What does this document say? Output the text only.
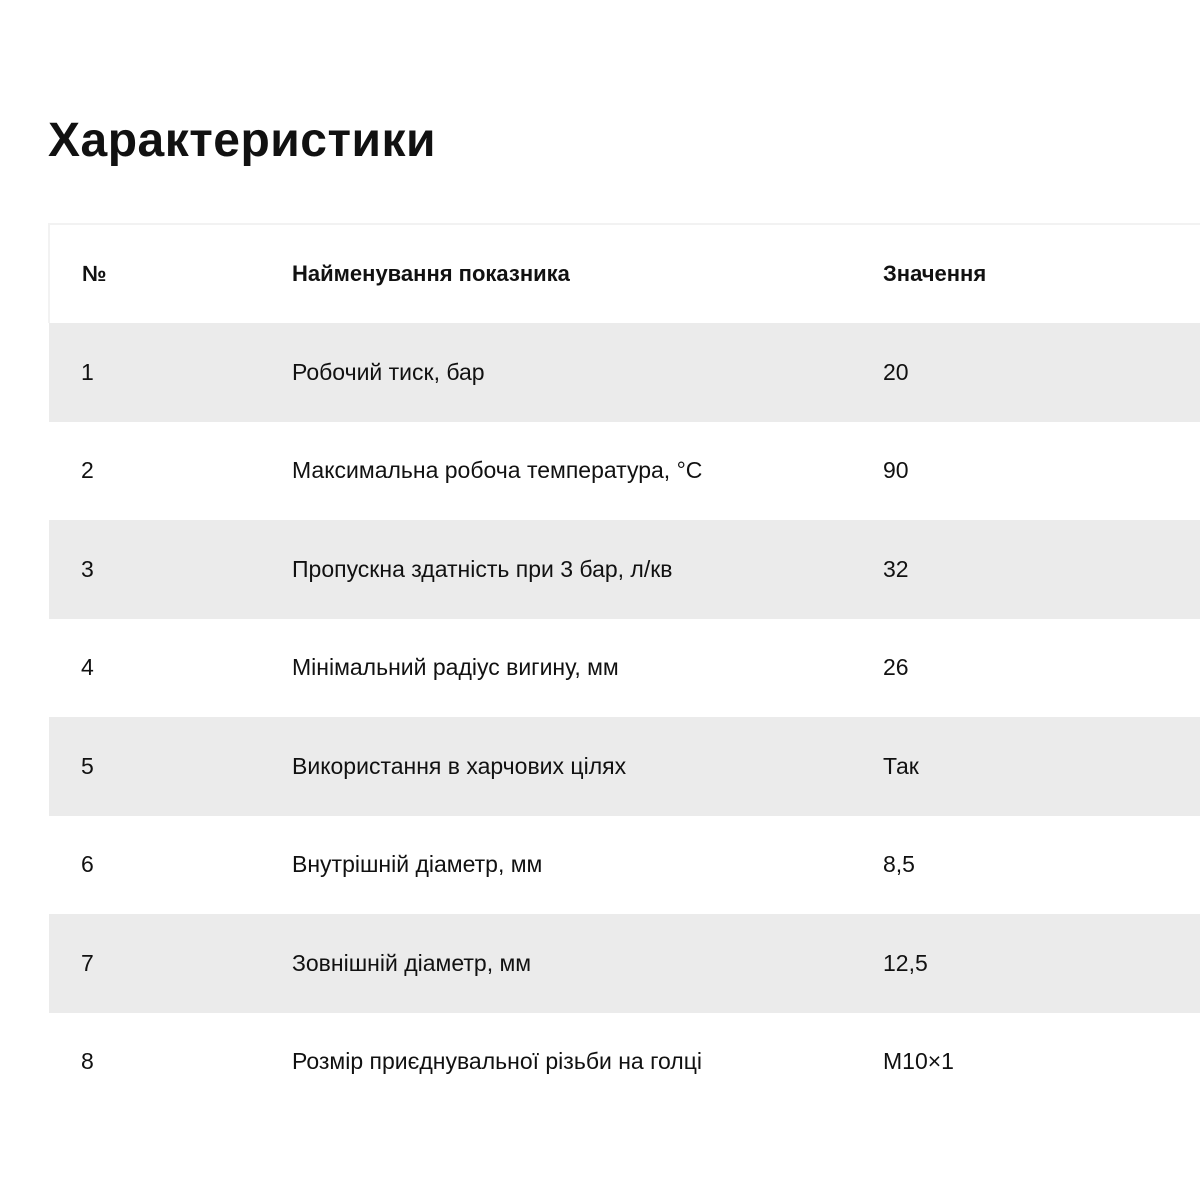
Характеристики
№	Найменування показника	Значення
1	Робочий тиск, бар	20
2	Максимальна робоча температура, °С	90
3	Пропускна здатність при 3 бар, л/кв	32
4	Мінімальний радіус вигину, мм	26
5	Використання в харчових цілях	Так
6	Внутрішній діаметр, мм	8,5
7	Зовнішній діаметр, мм	12,5
8	Розмір приєднувальної різьби на голці	М10×1
